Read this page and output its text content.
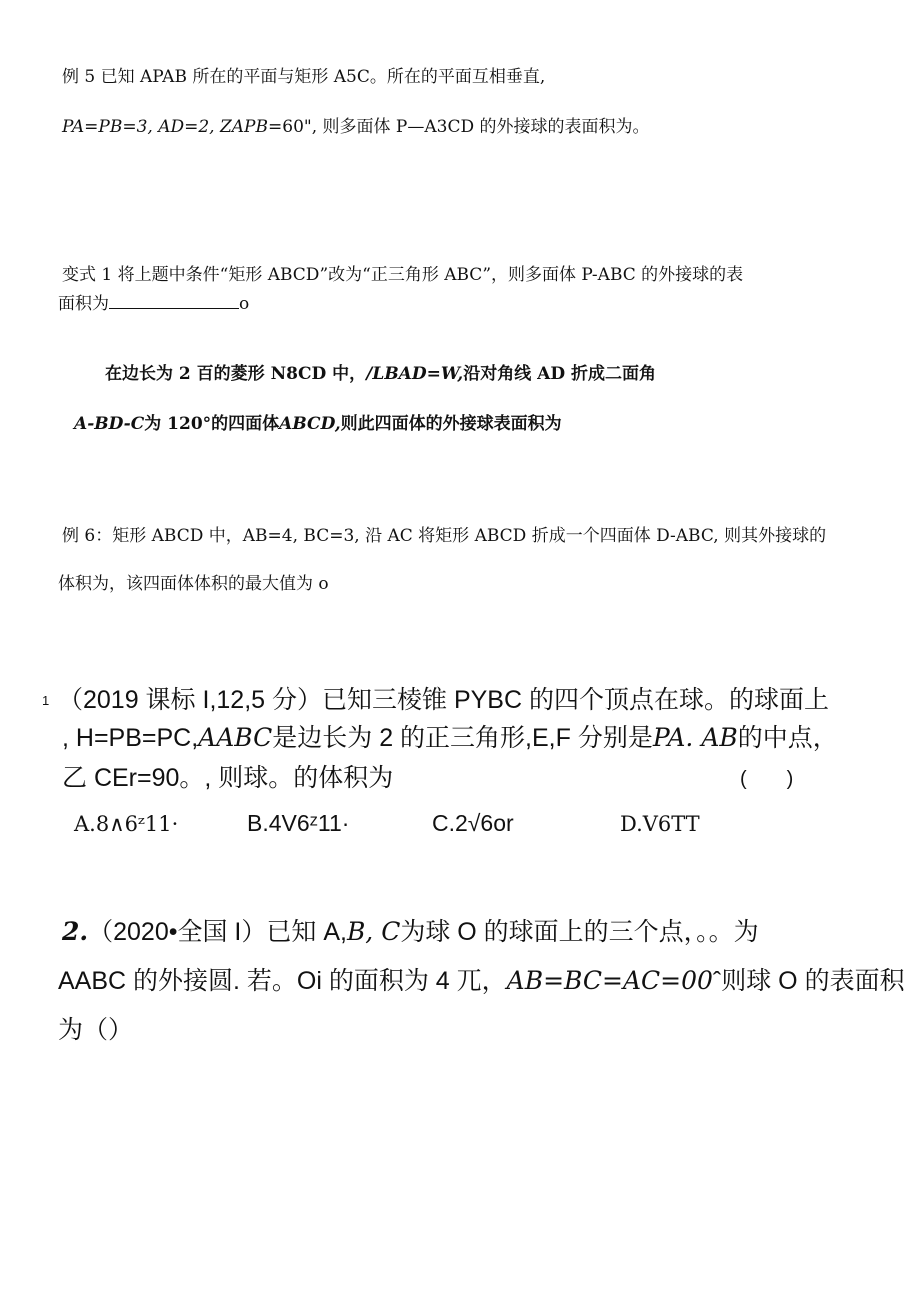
例 5 已知 APAB 所在的平面与矩形 A5C。所在的平面互相垂直,
PA=PB=3, AD=2, ZAPB=60", 则多面体 P—A3CD 的外接球的表面积为。
变式 1 将上题中条件“矩形 ABCD”改为“正三角形 ABC”，则多面体 P-ABC 的外接球的表
面积为	o
在边长为 2 百的菱形 N8CD 中，/LBAD=W,沿对角线 AD 折成二面角
A-BD-C为 120°的四面体ABCD,则此四面体的外接球表面积为
例 6：矩形 ABCD 中，AB=4, BC=3, 沿 AC 将矩形 ABCD 折成一个四面体 D-ABC, 则其外接球的
体积为，该四面体体积的最大值为 o
1 （2019 课标 I,12,5 分）已知三棱锥 PYBC 的四个顶点在球。的球面上
, H=PB=PC,AABC是边长为 2 的正三角形,E,F 分别是PA. AB的中点，
乙 CEr=90。, 则球。的体积为	(　　)
A.8∧6ᶻ11·	B.4V6ᶻ11·	C.2√6or	D.V6TT
2.（2020•全国 I）已知 A,B, C为球 O 的球面上的三个点，。。为
AABC 的外接圆. 若。Oi 的面积为 4 兀，AB=BC=AC=00ˆ则球 O 的表面积
为（）
